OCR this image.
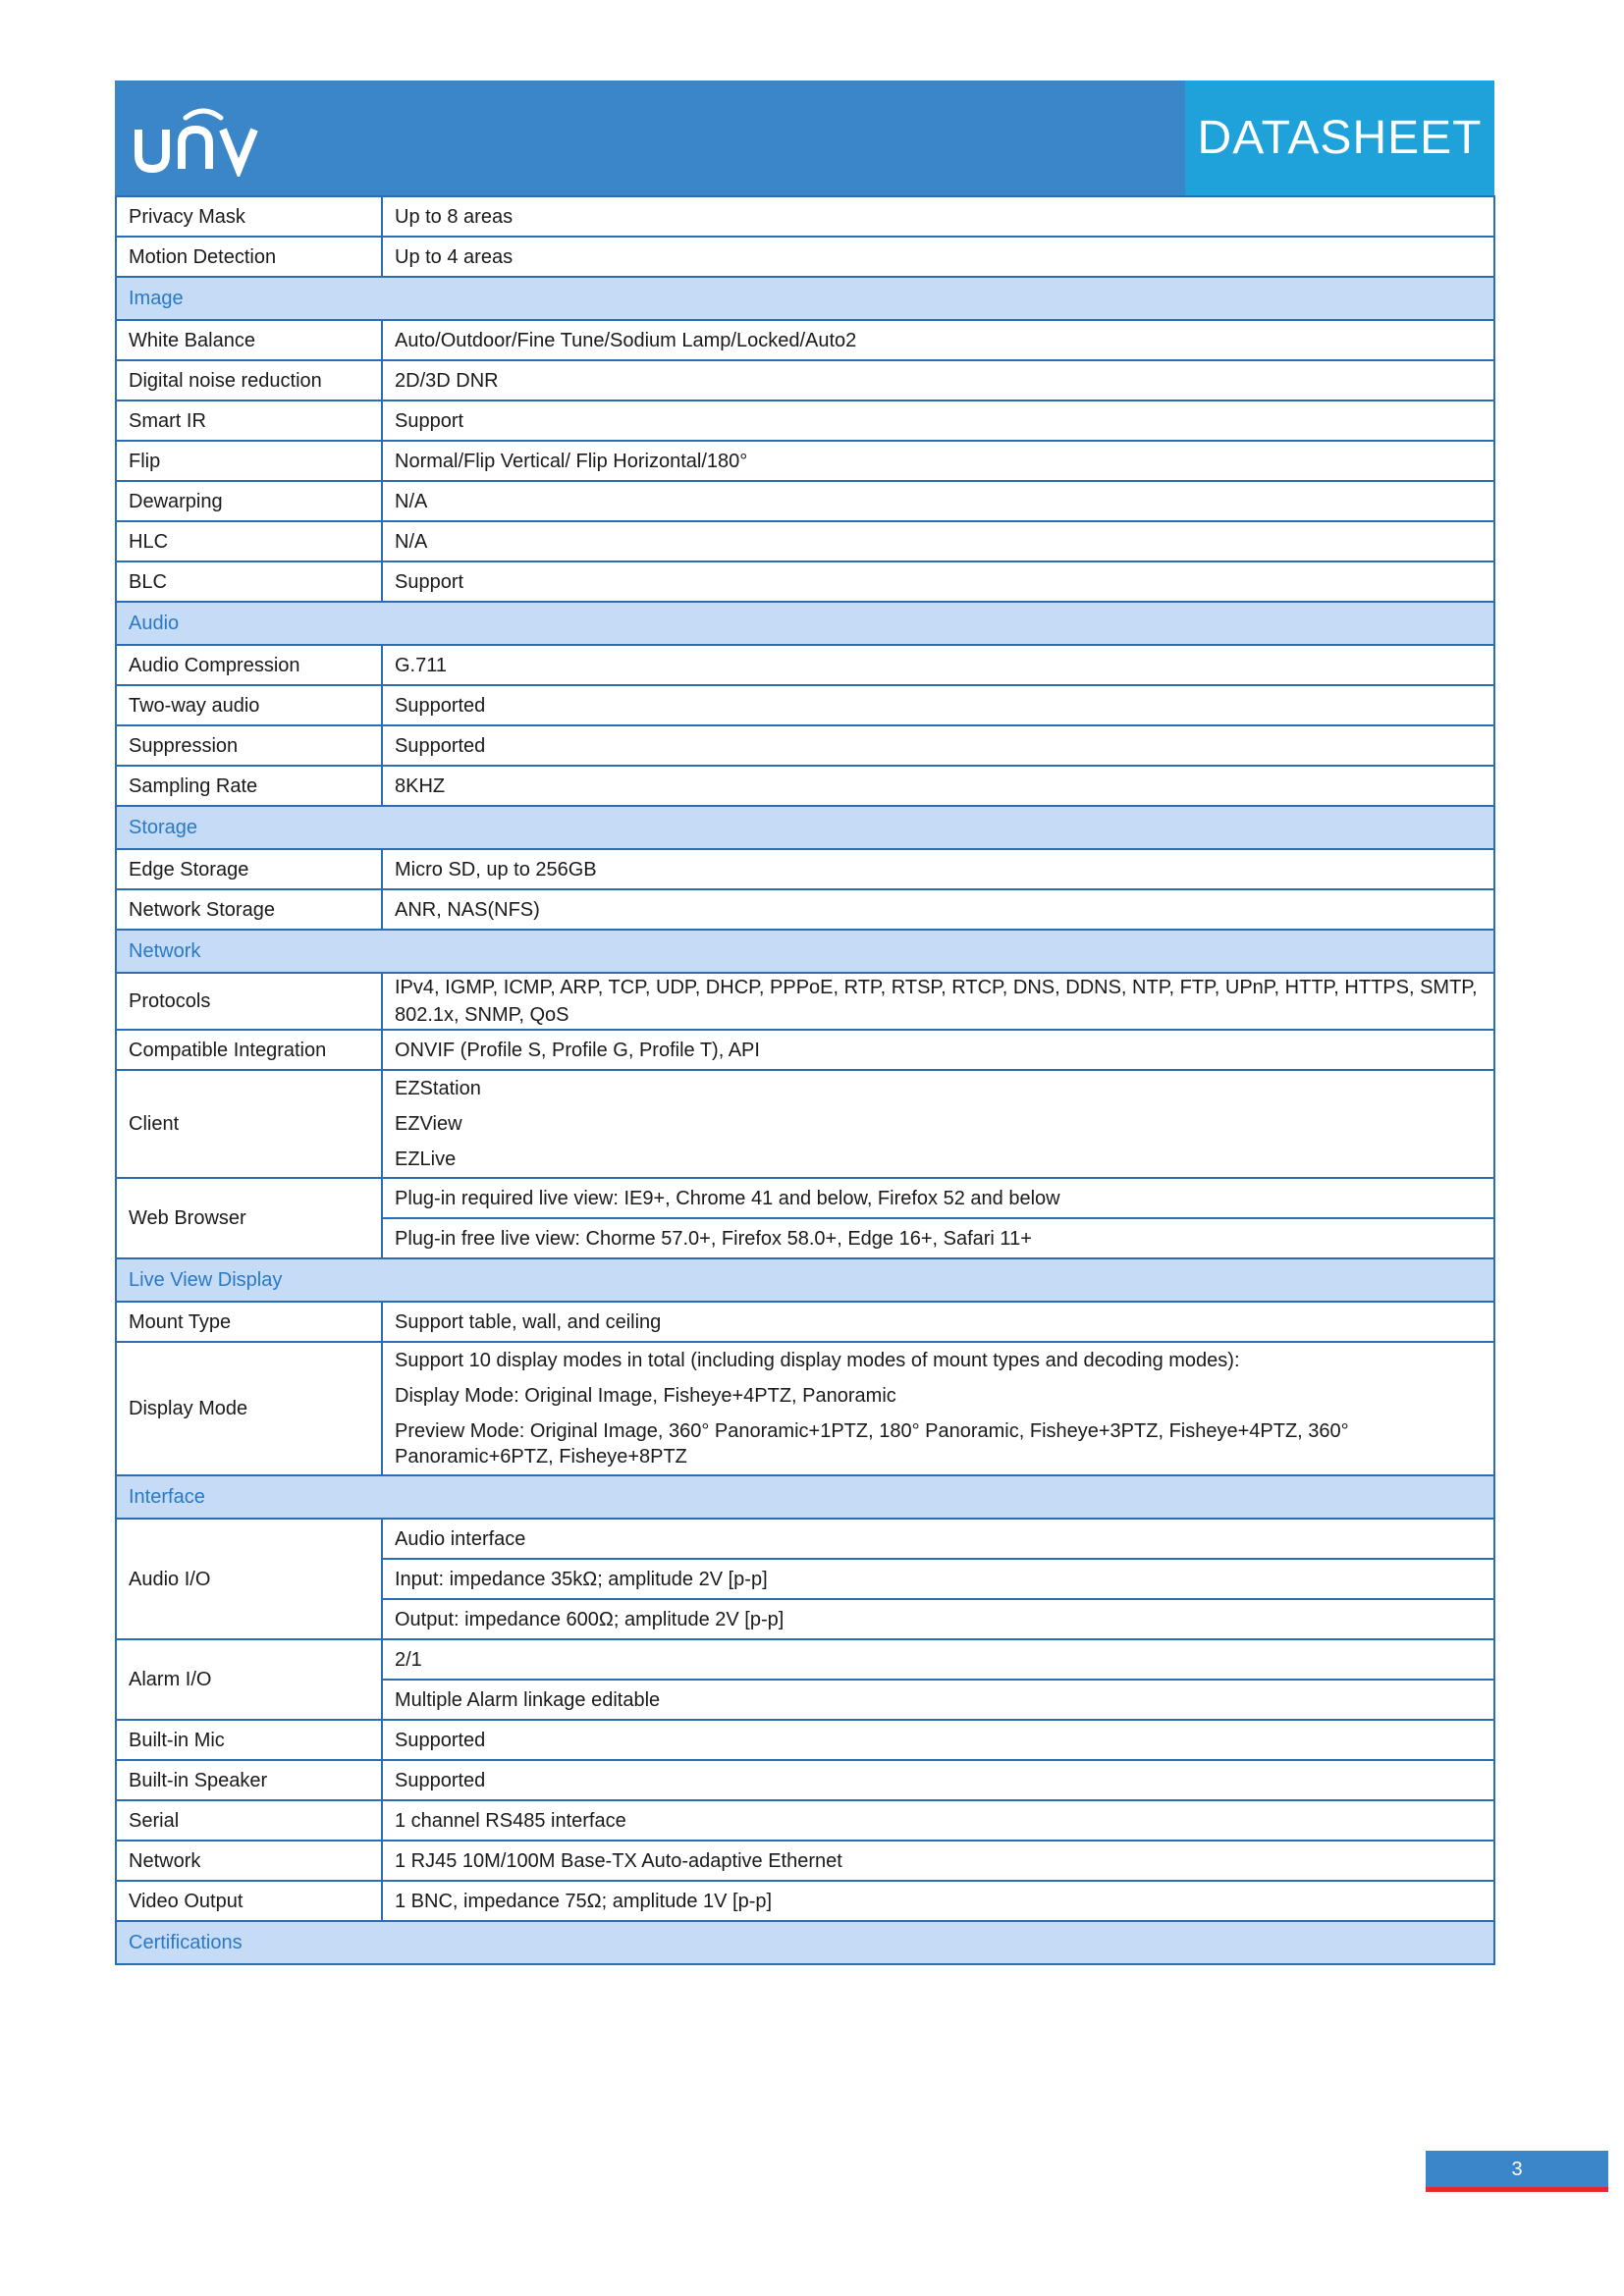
DATASHEET
Privacy Mask	Up to 8 areas
Motion Detection	Up to 4 areas
Image	
White Balance	Auto/Outdoor/Fine Tune/Sodium Lamp/Locked/Auto2
Digital noise reduction	2D/3D DNR
Smart IR	Support
Flip	Normal/Flip Vertical/ Flip Horizontal/180°
Dewarping	N/A
HLC	N/A
BLC	Support
Audio	
Audio Compression	G.711
Two-way audio	Supported
Suppression	Supported
Sampling Rate	8KHZ
Storage	
Edge Storage	Micro SD, up to 256GB
Network Storage	ANR, NAS(NFS)
Network	
Protocols	IPv4, IGMP, ICMP, ARP, TCP, UDP, DHCP, PPPoE, RTP, RTSP, RTCP, DNS, DDNS, NTP, FTP, UPnP, HTTP, HTTPS, SMTP, 802.1x, SNMP, QoS
Compatible Integration	ONVIF (Profile S, Profile G, Profile T), API
Client	EZStation
EZView
EZLive

Web Browser	Plug-in required live view: IE9+, Chrome 41 and below, Firefox 52 and below
	Plug-in free live view: Chorme 57.0+, Firefox 58.0+, Edge 16+, Safari 11+
Live View Display	
Mount Type	Support table, wall, and ceiling
Display Mode	Support 10 display modes in total (including display modes of mount types and decoding modes):
Display Mode: Original Image, Fisheye+4PTZ, Panoramic
Preview Mode: Original Image, 360° Panoramic+1PTZ, 180° Panoramic, Fisheye+3PTZ, Fisheye+4PTZ, 360° Panoramic+6PTZ, Fisheye+8PTZ

Interface	
Audio I/O	Audio interface
	Input: impedance 35kΩ; amplitude 2V [p-p]
	Output: impedance 600Ω; amplitude 2V [p-p]
Alarm I/O	2/1
	Multiple Alarm linkage editable
Built-in Mic	Supported
Built-in Speaker	Supported
Serial	1 channel RS485 interface
Network	1 RJ45 10M/100M Base-TX Auto-adaptive Ethernet
Video Output	1 BNC, impedance 75Ω; amplitude 1V [p-p]
Certifications	
3
